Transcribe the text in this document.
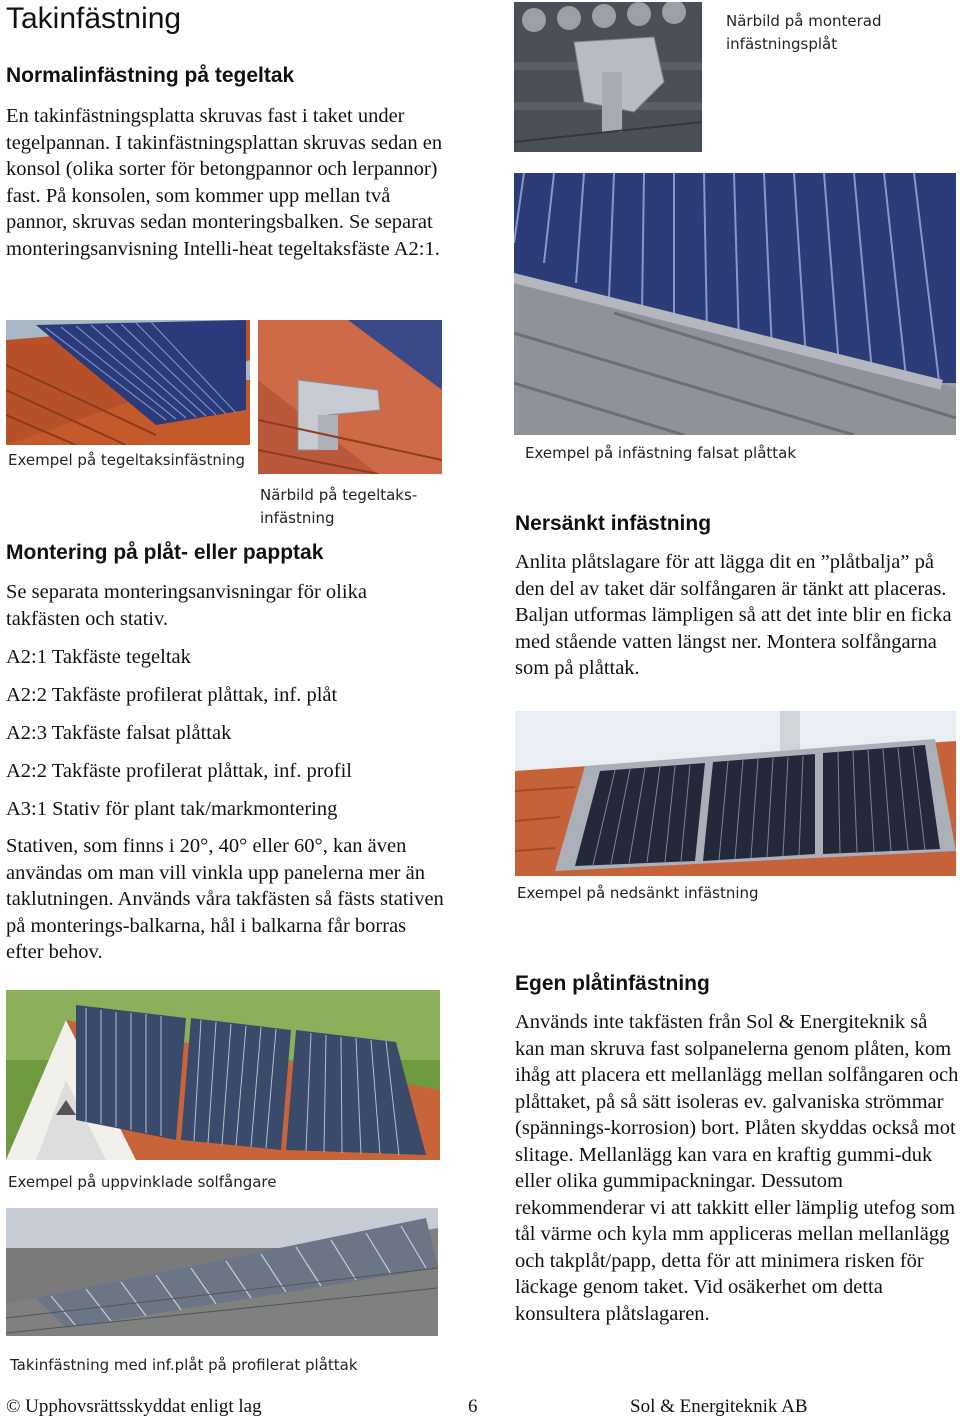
Takinfästning
Normalinfästning på tegeltak

En takinfästningsplatta skruvas fast i taket under tegelpannan. I takinfästningsplattan skruvas sedan en konsol (olika sorter för betongpannor och lerpannor) fast. På konsolen, som kommer upp mellan två pannor, skruvas sedan monteringsbalken. Se separat monteringsanvisning Intelli-heat tegeltaksfäste A2:1.

Exempel på tegeltaksinfästning
Närbild på tegeltaks-infästning
Montering på plåt- eller papptak

Se separata monteringsanvisningar för olika takfästen och stativ.

A2:1 Takfäste tegeltak
A2:2 Takfäste profilerat plåttak, inf. plåt
A2:3 Takfäste falsat plåttak
A2:2 Takfäste profilerat plåttak, inf. profil
A3:1 Stativ för plant tak/markmontering

Stativen, som finns i 20°, 40° eller 60°, kan även användas om man vill vinkla upp panelerna mer än taklutningen. Används våra takfästen så fästs stativen på monterings-balkarna, hål i balkarna får borras efter behov.

Exempel på uppvinklade solfångare
Takinfästning med inf.plåt på profilerat plåttak
Närbild på monterad infästningsplåt
Exempel på infästning falsat plåttak
Nersänkt infästning

Anlita plåtslagare för att lägga dit en ”plåtbalja” på den del av taket där solfångaren är tänkt att placeras. Baljan utformas lämpligen så att det inte blir en ficka med stående vatten längst ner. Montera solfångarna som på plåttak.

Exempel på nedsänkt infästning
Egen plåtinfästning

Används inte takfästen från Sol & Energiteknik så kan man skruva fast solpanelerna genom plåten, kom ihåg att placera ett mellanlägg mellan solfångaren och plåttaket, på så sätt isoleras ev. galvaniska strömmar (spännings-korrosion) bort. Plåten skyddas också mot slitage. Mellanlägg kan vara en kraftig gummi-duk eller olika gummipackningar. Dessutom rekommenderar vi att takkitt eller lämplig utefog som tål värme och kyla mm appliceras mellan mellanlägg och takplåt/papp, detta för att minimera risken för läckage genom taket. Vid osäkerhet om detta konsultera plåtslagaren.

© Upphovsrättsskyddat enligt lag	6	Sol & Energiteknik AB
